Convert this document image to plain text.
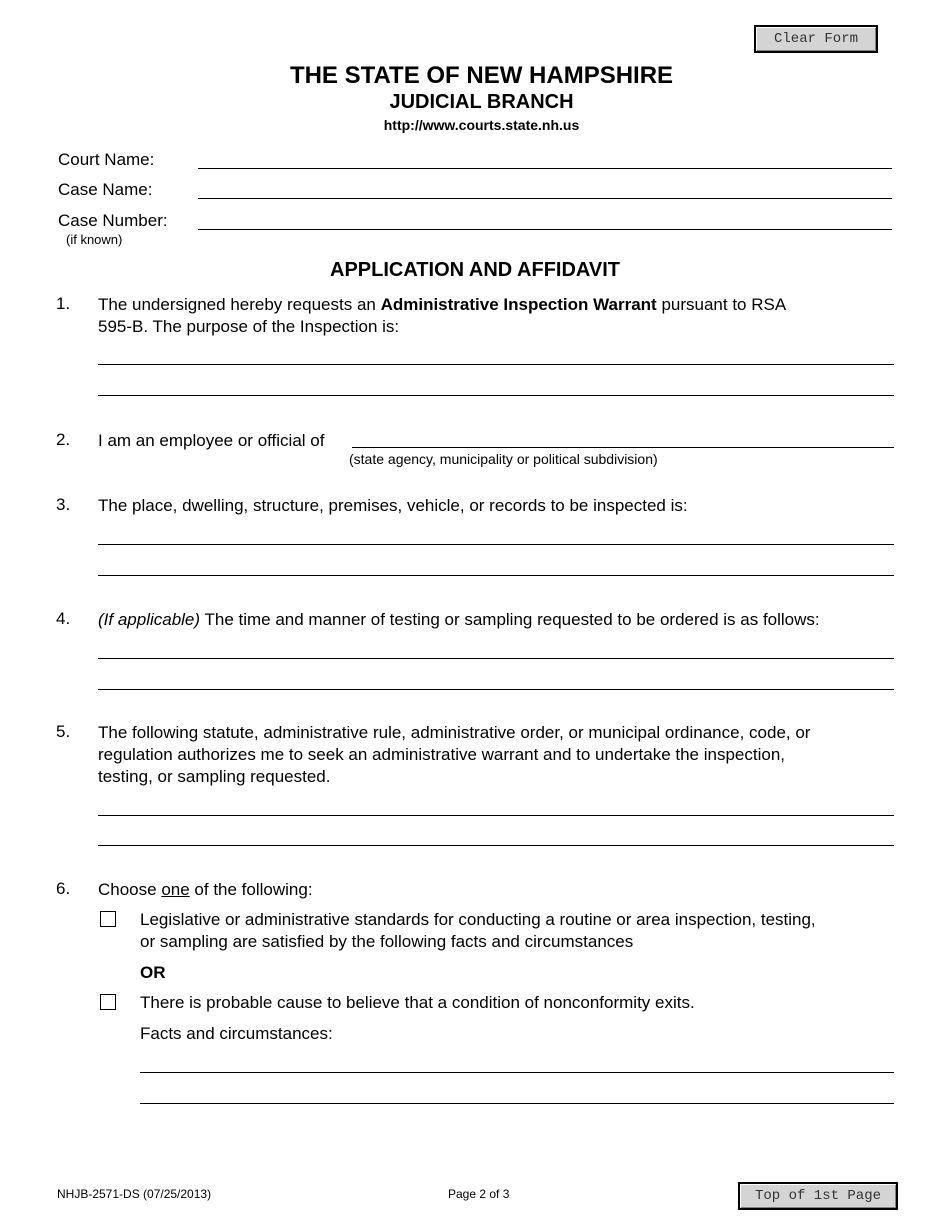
Clear Form
THE STATE OF NEW HAMPSHIRE
JUDICIAL BRANCH
http://www.courts.state.nh.us
Court Name:
Case Name:
Case Number:
(if known)
APPLICATION AND AFFIDAVIT
1. The undersigned hereby requests an Administrative Inspection Warrant pursuant to RSA
595-B. The purpose of the Inspection is:
2. I am an employee or official of
(state agency, municipality or political subdivision)
3. The place, dwelling, structure, premises, vehicle, or records to be inspected is:
4. (If applicable) The time and manner of testing or sampling requested to be ordered is as follows:
5. The following statute, administrative rule, administrative order, or municipal ordinance, code, or
regulation authorizes me to seek an administrative warrant and to undertake the inspection,
testing, or sampling requested.
6. Choose one of the following:
Legislative or administrative standards for conducting a routine or area inspection, testing,
or sampling are satisfied by the following facts and circumstances
OR
There is probable cause to believe that a condition of nonconformity exits.
Facts and circumstances:
NHJB-2571-DS (07/25/2013)	Page 2 of 3	Top of 1st Page
